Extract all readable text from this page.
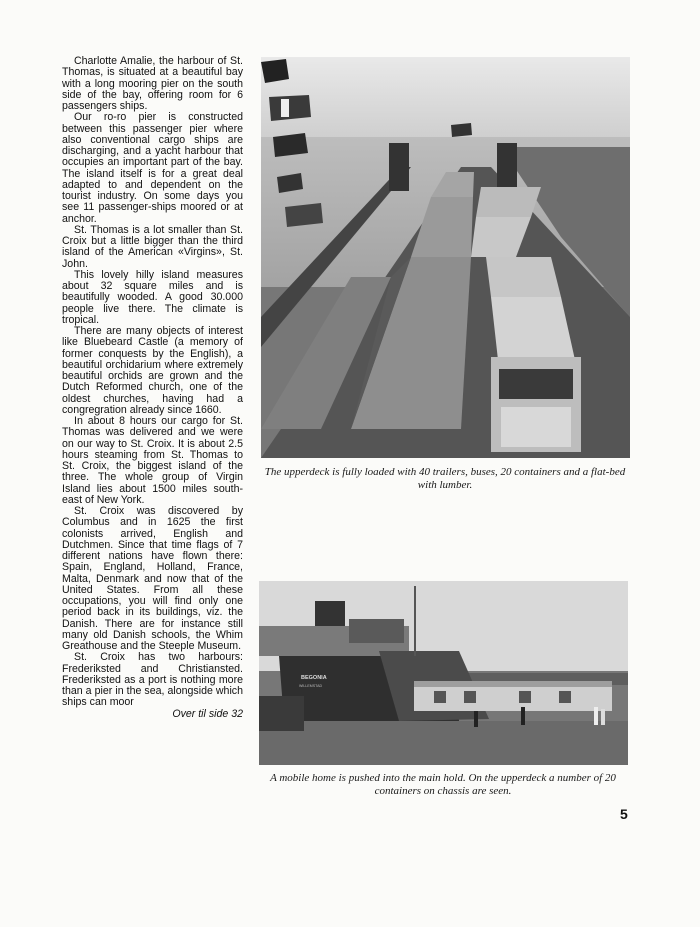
Charlotte Amalie, the harbour of St. Thomas, is situated at a beautiful bay with a long mooring pier on the south side of the bay, offering room for 6 passengers ships.

Our ro-ro pier is constructed between this passenger pier where also conventional cargo ships are discharging, and a yacht harbour that occupies an important part of the bay. The island itself is for a great deal adapted to and dependent on the tourist industry. On some days you see 11 passenger-ships moored or at anchor.

St. Thomas is a lot smaller than St. Croix but a little bigger than the third island of the American «Virgins», St. John.

This lovely hilly island measures about 32 square miles and is beautifully wooded. A good 30.000 people live there. The climate is tropical.

There are many objects of interest like Bluebeard Castle (a memory of former conquests by the English), a beautiful orchidarium where extremely beautiful orchids are grown and the Dutch Reformed church, one of the oldest churches, having had a congregration already since 1660.

In about 8 hours our cargo for St. Thomas was delivered and we were on our way to St. Croix. It is about 2.5 hours steaming from St. Thomas to St. Croix, the biggest island of the three. The whole group of Virgin Island lies about 1500 miles south-east of New York.

St. Croix was discovered by Columbus and in 1625 the first colonists arrived, English and Dutchmen. Since that time flags of 7 different nations have flown there: Spain, England, Holland, France, Malta, Denmark and now that of the United States. From all these occupations, you will find only one period back in its buildings, viz. the Danish. There are for instance still many old Danish schools, the Whim Greathouse and the Steeple Museum.

St. Croix has two harbours: Frederiksted and Christiansted. Frederiksted as a port is nothing more than a pier in the sea, alongside which ships can moor

Over til side 32

The upperdeck is fully loaded with 40 trailers, buses, 20 containers and a flat-bed with lumber.
BEGONIA
WILLEMSTAD
A mobile home is pushed into the main hold. On the upperdeck a number of 20 containers on chassis are seen.
5
